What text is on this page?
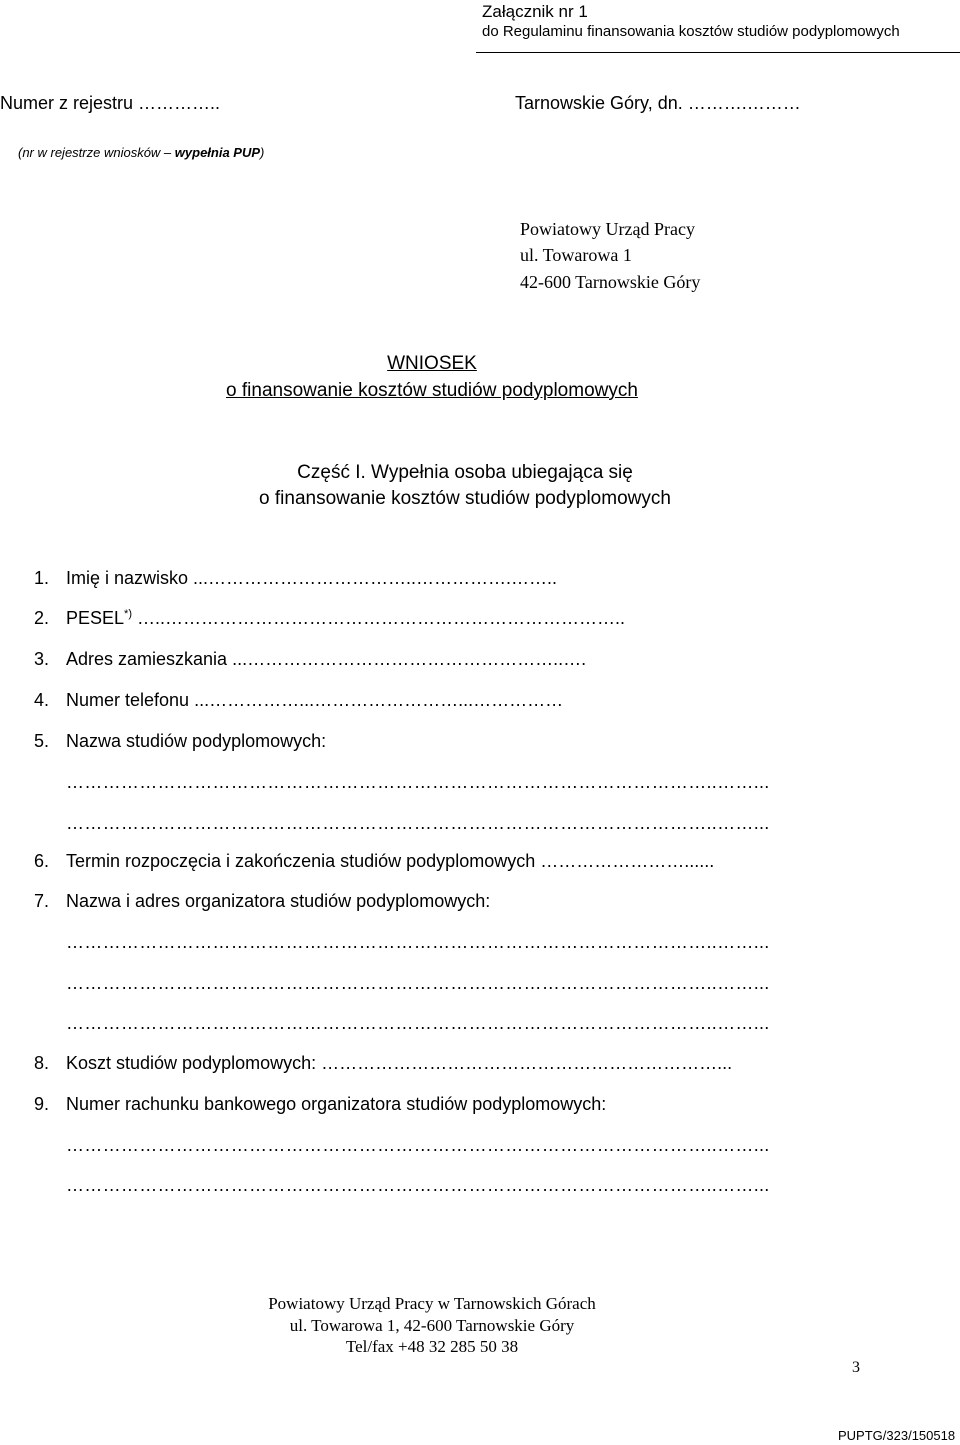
Załącznik nr 1
do Regulaminu finansowania kosztów studiów podyplomowych
Numer z rejestru …………..
(nr w rejestrze wniosków – wypełnia PUP)
Tarnowskie Góry, dn. ……….………
Powiatowy Urząd Pracy
ul. Towarowa 1
42-600 Tarnowskie Góry
WNIOSEK
o finansowanie kosztów studiów podyplomowych
Część I. Wypełnia osoba ubiegająca się
o finansowanie kosztów studiów podyplomowych
1. Imię i nazwisko ...……………………………..…………….……..
2. PESEL*) …..…………………………………………………………………..
3. Adres zamieszkania ...……………………………………………..….
4. Numer telefonu ...……………...……………………...……………
5. Nazwa studiów podyplomowych:
……………………………………………………………………………………………..……...
……………………………………………………………………………………………..……...
6. Termin rozpoczęcia i zakończenia studiów podyplomowych ……………………......
7. Nazwa i adres organizatora studiów podyplomowych:
……………………………………………………………………………………………..……...
……………………………………………………………………………………………..……...
……………………………………………………………………………………………..……...
8. Koszt studiów podyplomowych: …………………………………………………………...
9. Numer rachunku bankowego organizatora studiów podyplomowych:
……………………………………………………………………………………………..……...
……………………………………………………………………………………………..……...
Powiatowy Urząd Pracy w Tarnowskich Górach
ul. Towarowa 1, 42-600 Tarnowskie Góry
Tel/fax +48 32 285 50 38
3
PUPTG/323/150518
